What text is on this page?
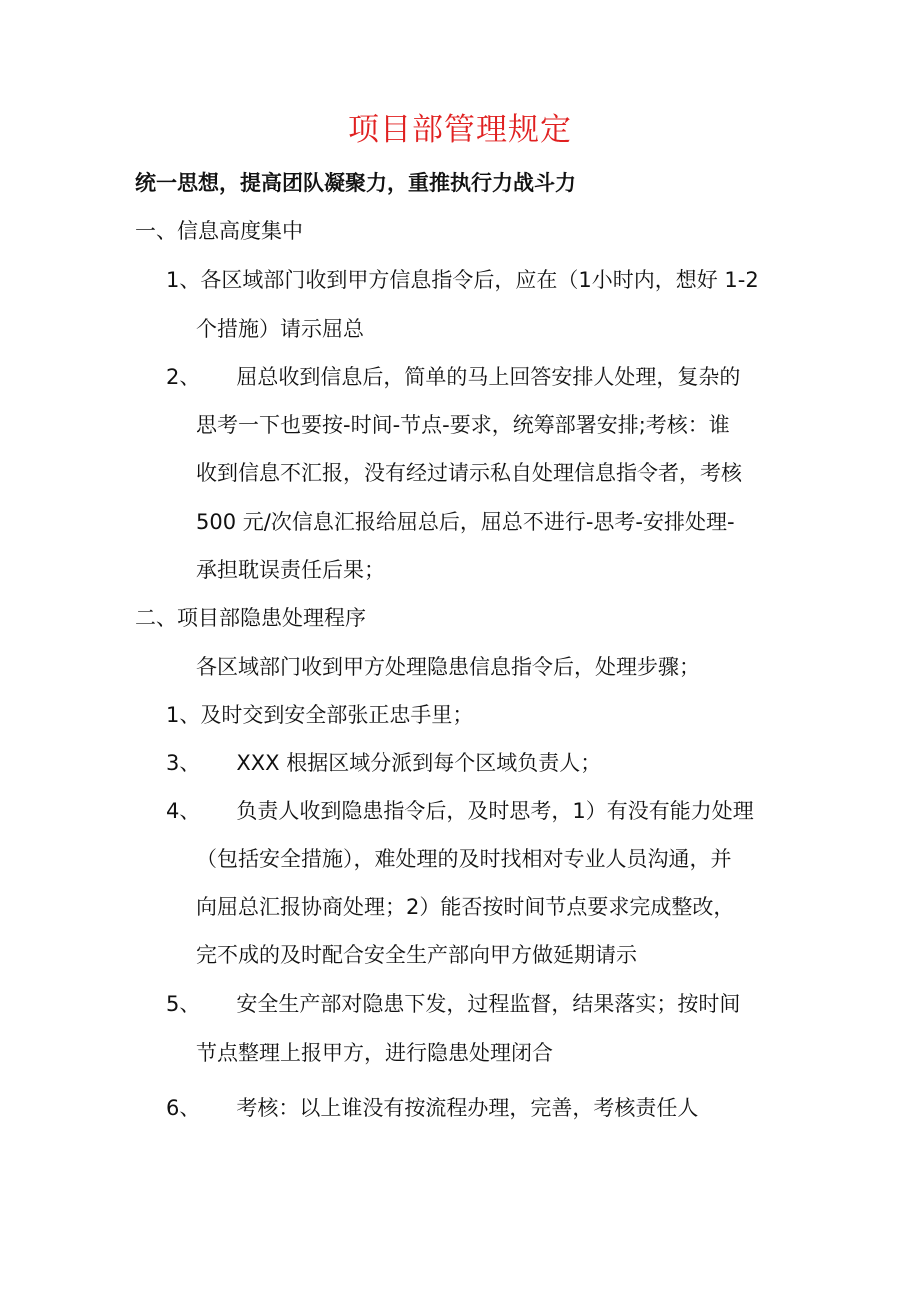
项目部管理规定
统一思想，提高团队凝聚力，重推执行力战斗力
一、信息高度集中
1、各区域部门收到甲方信息指令后，应在（1小时内，想好 1-2
个措施）请示屈总
2、 屈总收到信息后，简单的马上回答安排人处理，复杂的
思考一下也要按-时间-节点-要求，统筹部署安排;考核：谁
收到信息不汇报，没有经过请示私自处理信息指令者，考核
500 元/次信息汇报给屈总后，屈总不进行-思考-安排处理-
承担耽误责任后果；
二、项目部隐患处理程序
各区域部门收到甲方处理隐患信息指令后，处理步骤；
1、及时交到安全部张正忠手里；
3、 XXX 根据区域分派到每个区域负责人；
4、 负责人收到隐患指令后，及时思考，1）有没有能力处理
（包括安全措施），难处理的及时找相对专业人员沟通，并
向屈总汇报协商处理；2）能否按时间节点要求完成整改，
完不成的及时配合安全生产部向甲方做延期请示
5、 安全生产部对隐患下发，过程监督，结果落实；按时间
节点整理上报甲方，进行隐患处理闭合
6、 考核：以上谁没有按流程办理，完善，考核责任人
